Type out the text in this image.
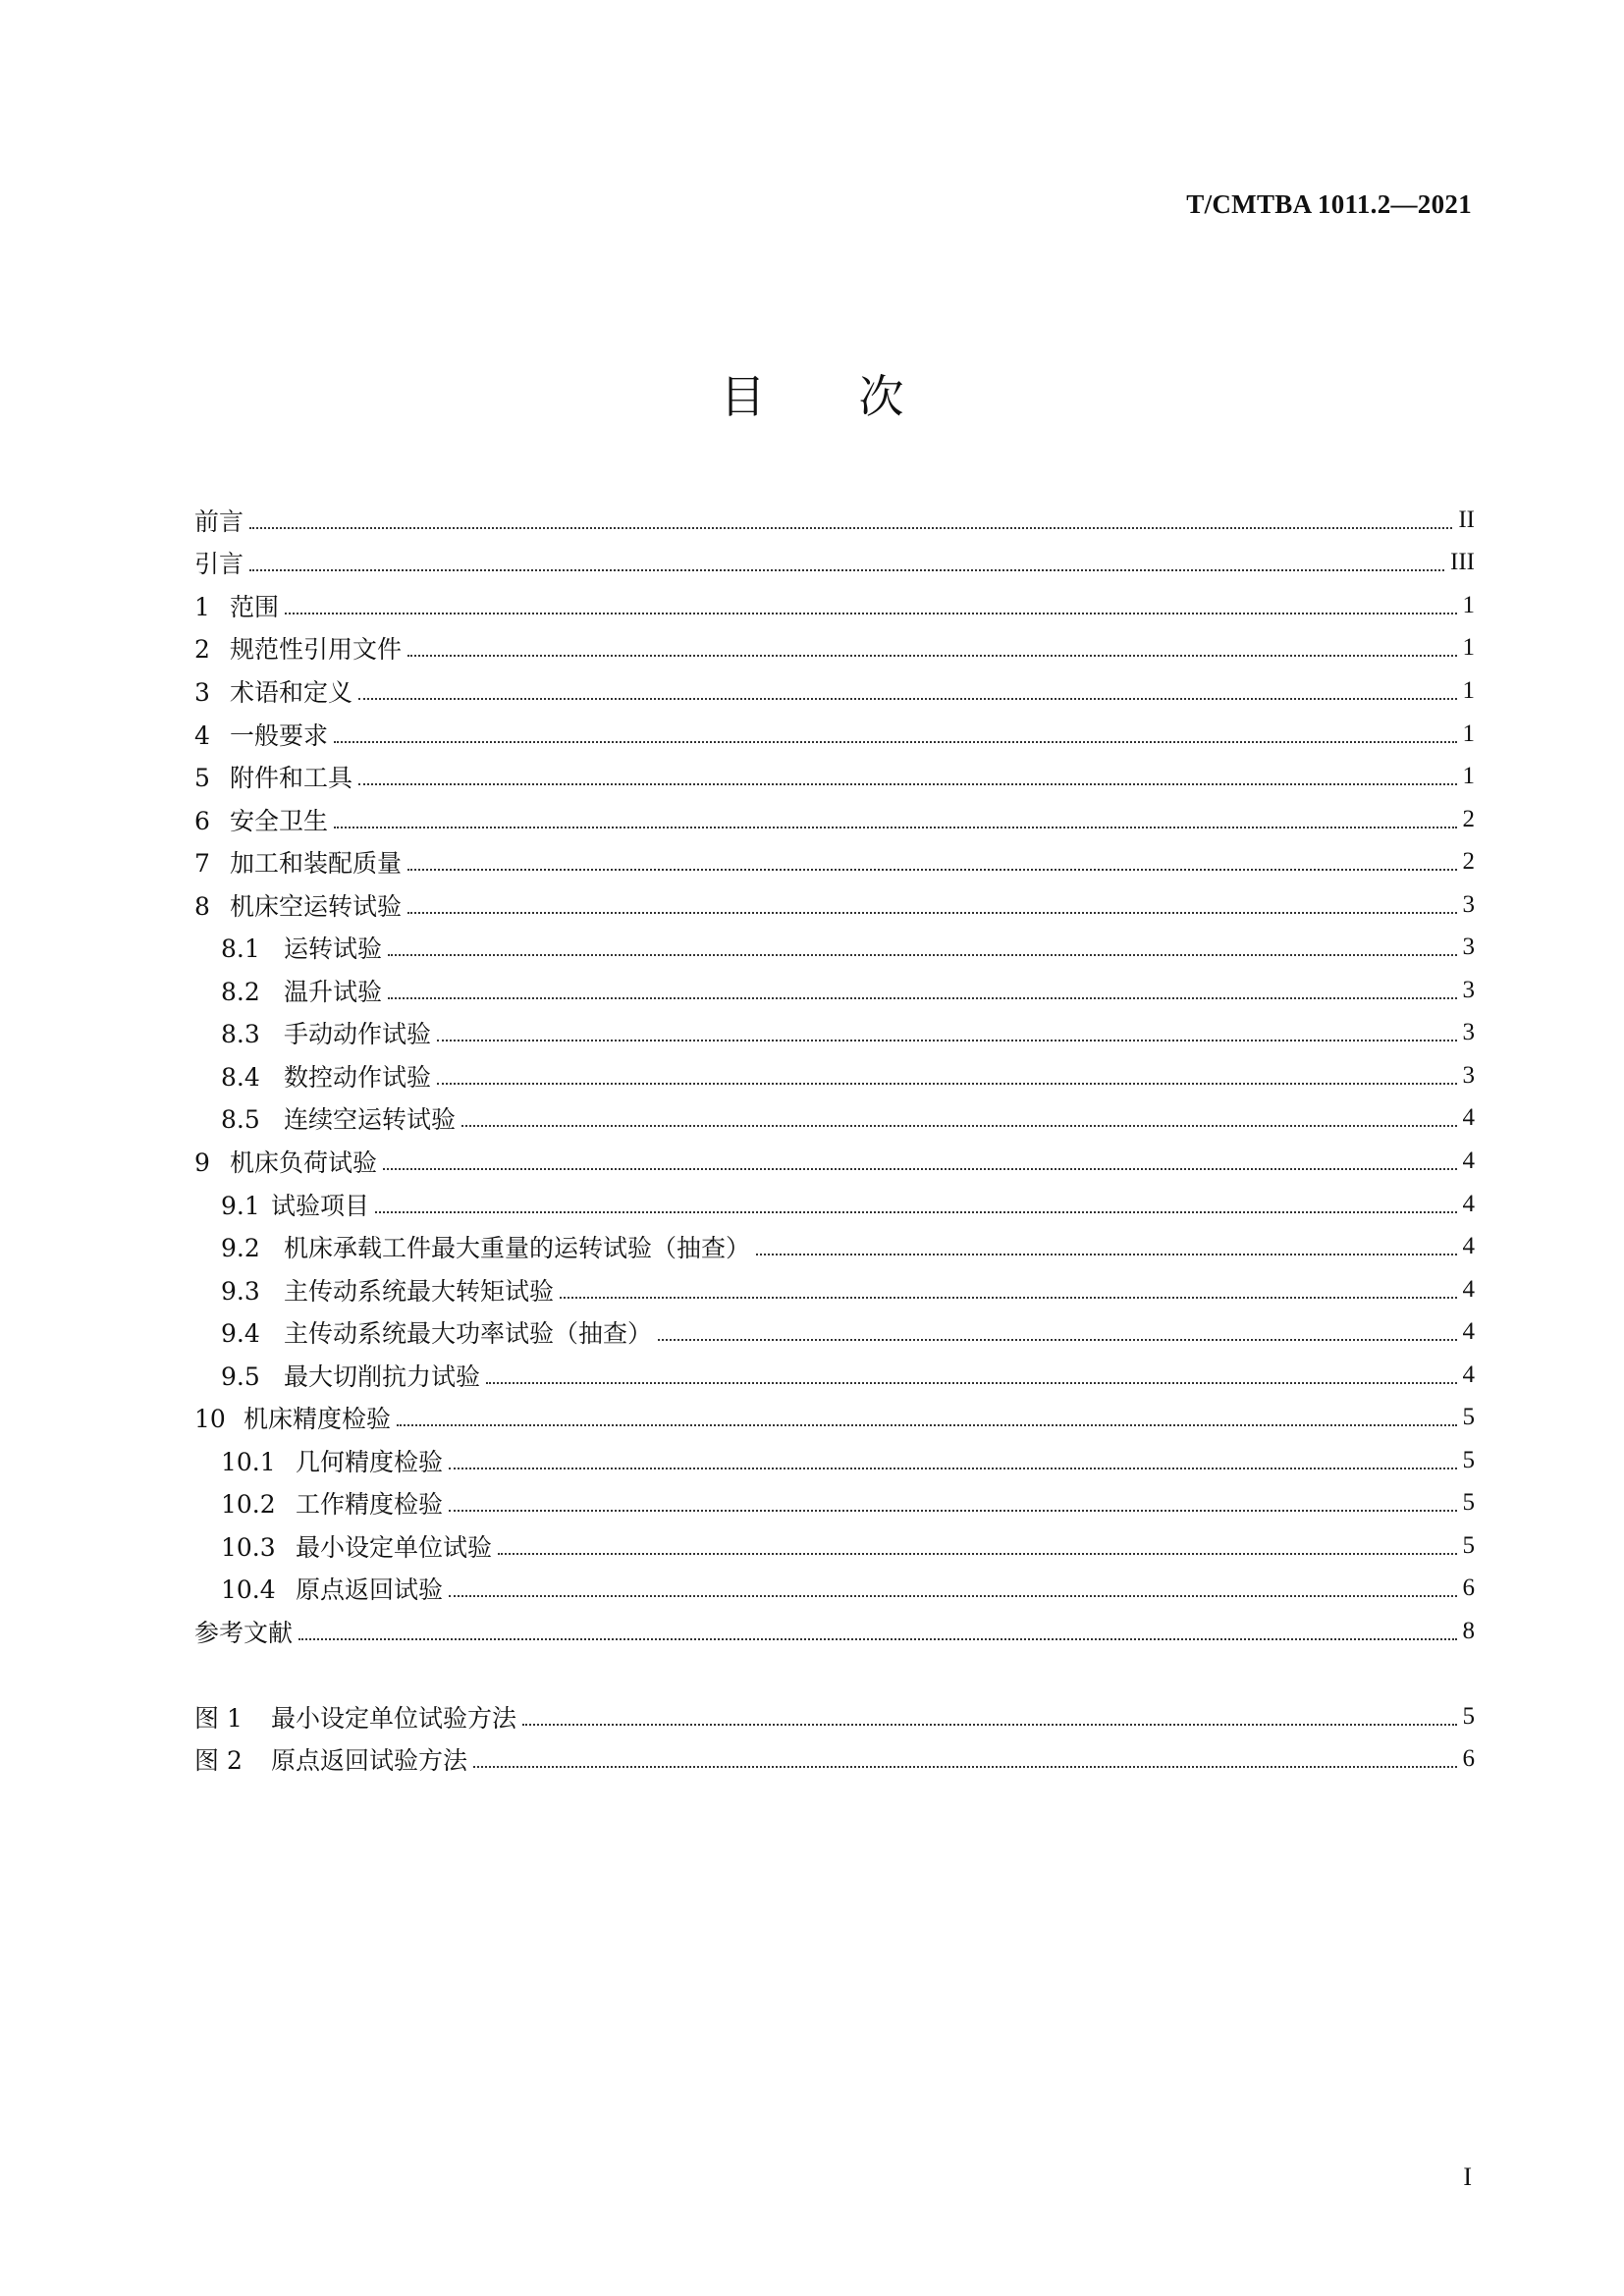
T/CMTBA 1011.2—2021
目次
前言	II
引言	III
1 范围	1
2 规范性引用文件	1
3 术语和定义	1
4 一般要求	1
5 附件和工具	1
6 安全卫生	2
7 加工和装配质量	2
8 机床空运转试验	3
8.1 运转试验	3
8.2 温升试验	3
8.3 手动动作试验	3
8.4 数控动作试验	3
8.5 连续空运转试验	4
9 机床负荷试验	4
9.1 试验项目	4
9.2 机床承载工件最大重量的运转试验（抽查）	4
9.3 主传动系统最大转矩试验	4
9.4 主传动系统最大功率试验（抽查）	4
9.5 最大切削抗力试验	4
10 机床精度检验	5
10.1 几何精度检验	5
10.2 工作精度检验	5
10.3 最小设定单位试验	5
10.4 原点返回试验	6
参考文献	8
图 1	最小设定单位试验方法	5
图 2	原点返回试验方法	6
I
